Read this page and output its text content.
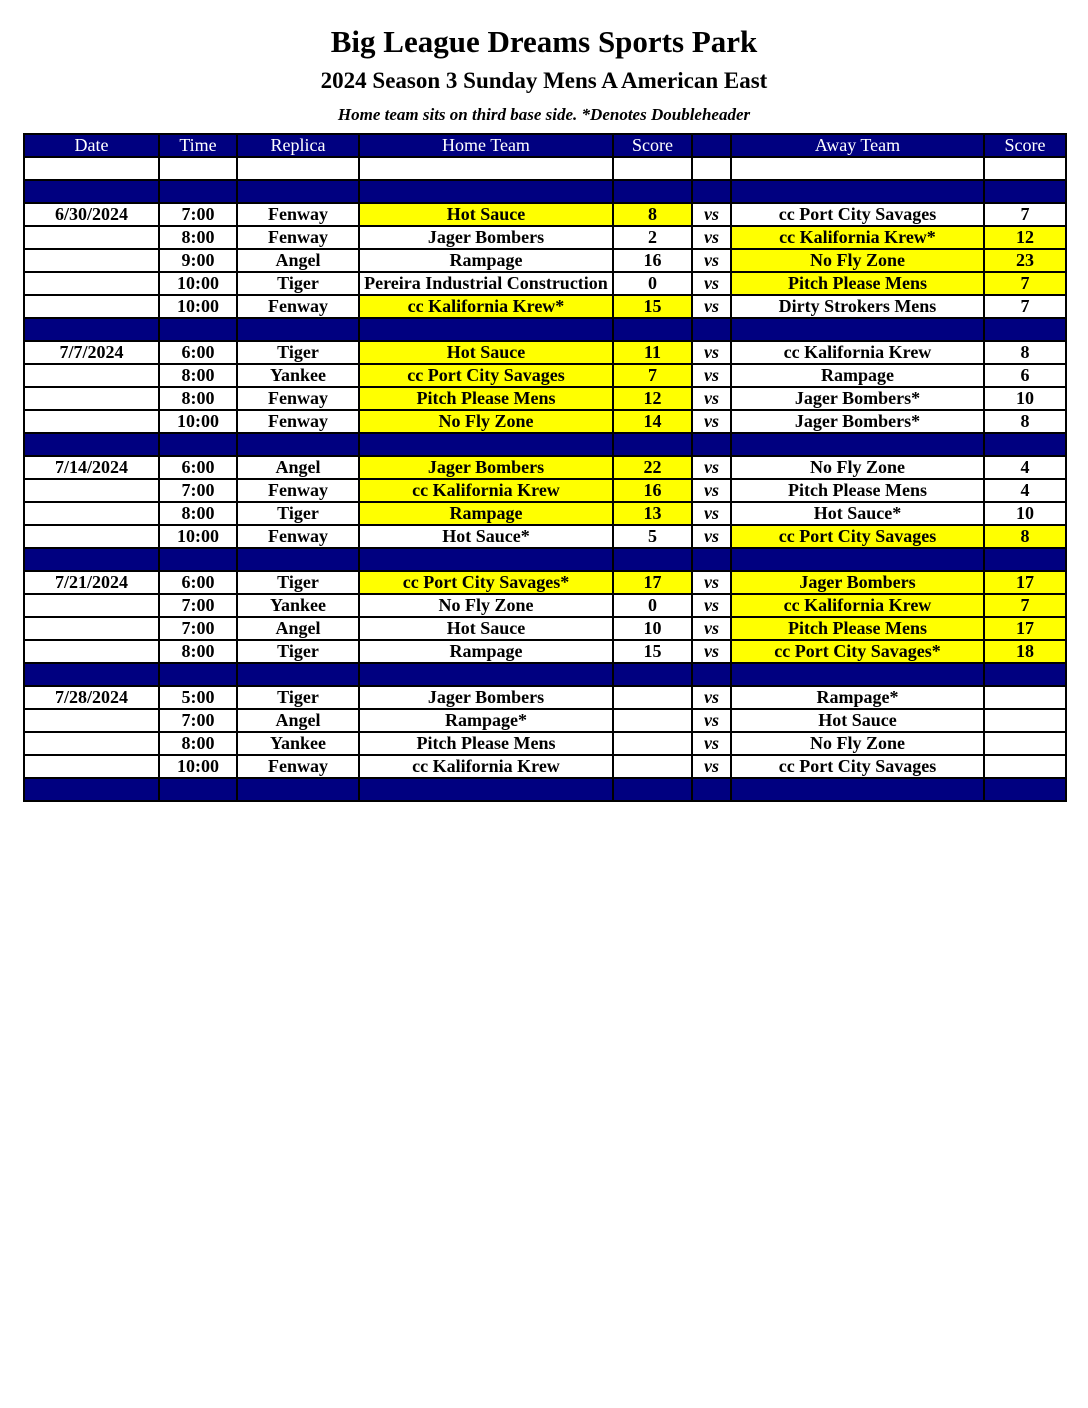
Big League Dreams Sports Park
2024 Season 3 Sunday Mens A American East
Home team sits on third base side. *Denotes Doubleheader
Date	Time	Replica	Home Team	Score		Away Team	Score

6/30/2024	7:00	Fenway	Hot Sauce	8	vs	cc Port City Savages	7
	8:00	Fenway	Jager Bombers	2	vs	cc Kalifornia Krew*	12
	9:00	Angel	Rampage	16	vs	No Fly Zone	23
	10:00	Tiger	Pereira Industrial Construction	0	vs	Pitch Please Mens	7
	10:00	Fenway	cc Kalifornia Krew*	15	vs	Dirty Strokers Mens	7

7/7/2024	6:00	Tiger	Hot Sauce	11	vs	cc Kalifornia Krew	8
	8:00	Yankee	cc Port City Savages	7	vs	Rampage	6
	8:00	Fenway	Pitch Please Mens	12	vs	Jager Bombers*	10
	10:00	Fenway	No Fly Zone	14	vs	Jager Bombers*	8

7/14/2024	6:00	Angel	Jager Bombers	22	vs	No Fly Zone	4
	7:00	Fenway	cc Kalifornia Krew	16	vs	Pitch Please Mens	4
	8:00	Tiger	Rampage	13	vs	Hot Sauce*	10
	10:00	Fenway	Hot Sauce*	5	vs	cc Port City Savages	8

7/21/2024	6:00	Tiger	cc Port City Savages*	17	vs	Jager Bombers	17
	7:00	Yankee	No Fly Zone	0	vs	cc Kalifornia Krew	7
	7:00	Angel	Hot Sauce	10	vs	Pitch Please Mens	17
	8:00	Tiger	Rampage	15	vs	cc Port City Savages*	18

7/28/2024	5:00	Tiger	Jager Bombers		vs	Rampage*	
	7:00	Angel	Rampage*		vs	Hot Sauce	
	8:00	Yankee	Pitch Please Mens		vs	No Fly Zone	
	10:00	Fenway	cc Kalifornia Krew		vs	cc Port City Savages	
